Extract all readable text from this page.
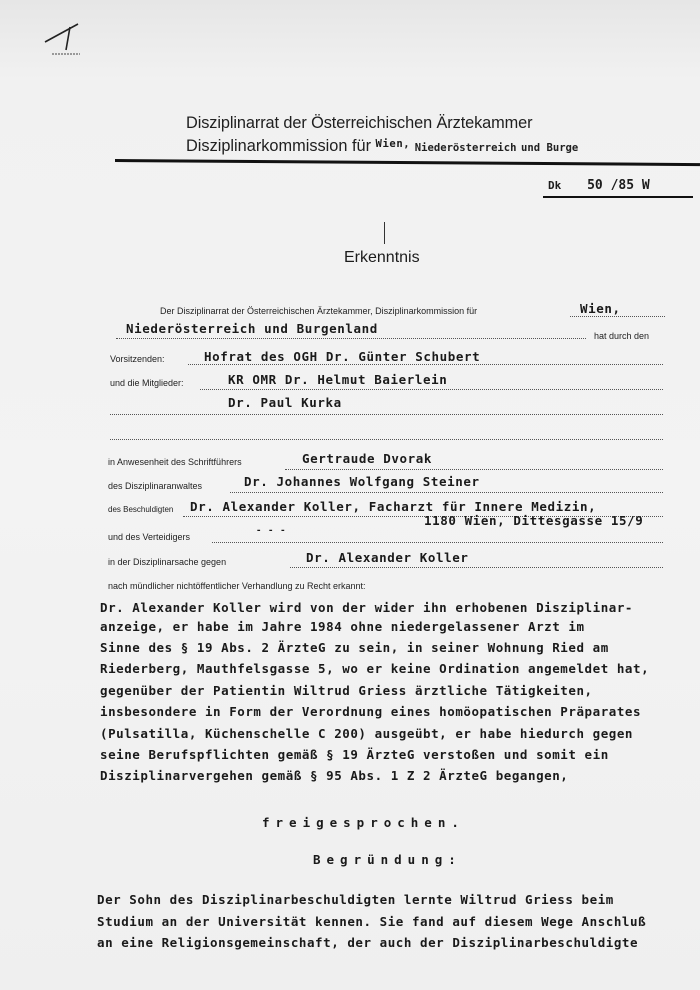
Disziplinarrat der Österreichischen Ärztekammer
Disziplinarkommission für $^{Wien,}$ Niederösterreich und Burge
Dk 50 /85 W
Erkenntnis
Der Disziplinarrat der Österreichischen Ärztekammer, Disziplinarkommission für	Wien,
Niederösterreich und Burgenland	hat durch den
Vorsitzenden:	Hofrat des OGH Dr. Günter Schubert
und die Mitglieder:	KR OMR Dr. Helmut Baierlein
Dr. Paul Kurka
in Anwesenheit des Schriftführers	Gertraude Dvorak
des Disziplinaranwaltes	Dr. Johannes Wolfgang Steiner
des Beschuldigten Dr. Alexander Koller, Facharzt für Innere Medizin,
1180 Wien, Dittesgasse 15/9
und des Verteidigers
- - -
in der Disziplinarsache gegen	Dr. Alexander Koller
nach mündlicher nichtöffentlicher Verhandlung zu Recht erkannt:
Dr. Alexander Koller wird von der wider ihn erhobenen Disziplinar-
anzeige, er habe im Jahre 1984 ohne niedergelassener Arzt im
Sinne des § 19 Abs. 2 ÄrzteG zu sein, in seiner Wohnung Ried am
Riederberg, Mauthfelsgasse 5, wo er keine Ordination angemeldet hat,
gegenüber der Patientin Wiltrud Griess ärztliche Tätigkeiten,
insbesondere in Form der Verordnung eines homöopatischen Präparates
(Pulsatilla, Küchenschelle C 200) ausgeübt, er habe hiedurch gegen
seine Berufspflichten gemäß § 19 ÄrzteG verstoßen und somit ein
Disziplinarvergehen gemäß § 95 Abs. 1 Z 2 ÄrzteG begangen,
freigesprochen.
Begründung:
Der Sohn des Disziplinarbeschuldigten lernte Wiltrud Griess beim
Studium an der Universität kennen. Sie fand auf diesem Wege Anschluß
an eine Religionsgemeinschaft, der auch der Disziplinarbeschuldigte
